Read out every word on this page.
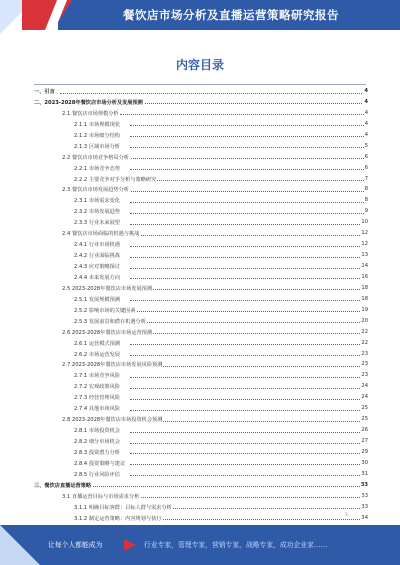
餐饮店市场分析及直播运营策略研究报告
内容目录
一、引言	4
二、2023-2028年餐饮店市场分析及发展预测	4
2.1 餐饮店市场规模分析	4
2.1.1 市场规模现状	4
2.1.2 市场细分结构	4
2.1.3 区域市场分析	5
2.2 餐饮店市场竞争格局分析	6
2.2.1 市场竞争态势	6
2.2.2 主要竞争对手分析与策略研究	7
2.3 餐饮店市场发展趋势分析	8
2.3.1 市场需求变化	8
2.3.2 市场发展趋势	9
2.3.3 行业未来展望	10
2.4 餐饮店市场面临的机遇与挑战	12
2.4.1 行业市场机遇	12
2.4.2 行业面临挑战	13
2.4.3 应对策略探讨	14
2.4.4 未来发展方向	16
2.5 2023-2028年餐饮店市场发展预测	18
2.5.1 发展规模预测	18
2.5.2 影响市场的关键因素	19
2.5.3 发展前景和潜在机遇分析	20
2.6 2023-2028年餐饮店市场运营预测	22
2.6.1 运营模式预测	22
2.6.2 市场运营发展	23
2.7 2023-2028年餐饮店市场发展风险预测	23
2.7.1 市场竞争风险	23
2.7.2 宏观政策风险	24
2.7.3 经营管理风险	24
2.7.4 其他市场风险	25
2.8 2023-2028年餐饮店市场投资机会预测	25
2.8.1 市场投资机会	26
2.8.2 细分市场机会	27
2.8.3 投资潜力分析	29
2.8.4 投资策略与建议	30
2.8.5 行业风险评估	31
三、餐饮店直播运营策略	33
3.1 直播运营目标与市场需求分析	33
3.1.1 明确目标客群：目标人群与需求分析	33
3.1.2 制定运营策略：内容规划与执行	34
3
让每个人都能成为	行业专家，管理专家，营销专家，战略专家，成功企业家……
